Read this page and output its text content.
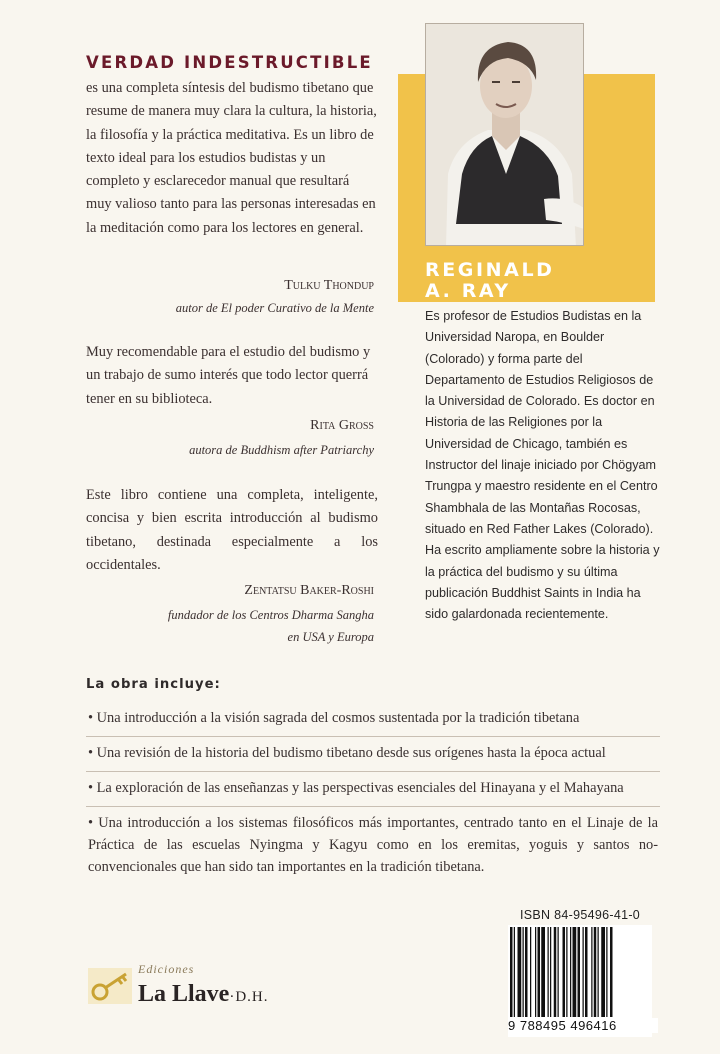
VERDAD INDESTRUCTIBLE

es una completa síntesis del budismo tibetano que resume de manera muy clara la cultura, la historia, la filosofía y la práctica meditativa. Es un libro de texto ideal para los estudios budistas y un completo y esclarecedor manual que resultará muy valioso tanto para las personas interesadas en la meditación como para los lectores en general.

Tulku Thondup
autor de El poder Curativo de la Mente

Muy recomendable para el estudio del budismo y un trabajo de sumo interés que todo lector querrá tener en su biblioteca.

Rita Gross
autora de Buddhism after Patriarchy

Este libro contiene una completa, inteligente, concisa y bien escrita introducción al budismo tibetano, destinada especialmente a los occidentales.

Zentatsu Baker-Roshi
fundador de los Centros Dharma Sangha
en USA y Europa
REGINALD
A. RAY

Es profesor de Estudios Budistas en la Universidad Naropa, en Boulder (Colorado) y forma parte del Departamento de Estudios Religiosos de la Universidad de Colorado. Es doctor en Historia de las Religiones por la Universidad de Chicago, también es Instructor del linaje iniciado por Chögyam Trungpa y maestro residente en el Centro Shambhala de las Montañas Rocosas, situado en Red Father Lakes (Colorado). Ha escrito ampliamente sobre la historia y la práctica del budismo y su última publicación Buddhist Saints in India ha sido galardonada recientemente.

La obra incluye:
• Una introducción a la visión sagrada del cosmos sustentada por la tradición tibetana
• Una revisión de la historia del budismo tibetano desde sus orígenes hasta la época actual
• La exploración de las enseñanzas y las perspectivas esenciales del Hinayana y el Mahayana
• Una introducción a los sistemas filosóficos más importantes, centrado tanto en el Linaje de la Práctica de las escuelas Nyingma y Kagyu como en los eremitas, yoguis y santos no-convencionales que han sido tan importantes en la tradición tibetana.
ISBN 84-95496-41-0
9 788495 496416
Ediciones
La Llave·D.H.
